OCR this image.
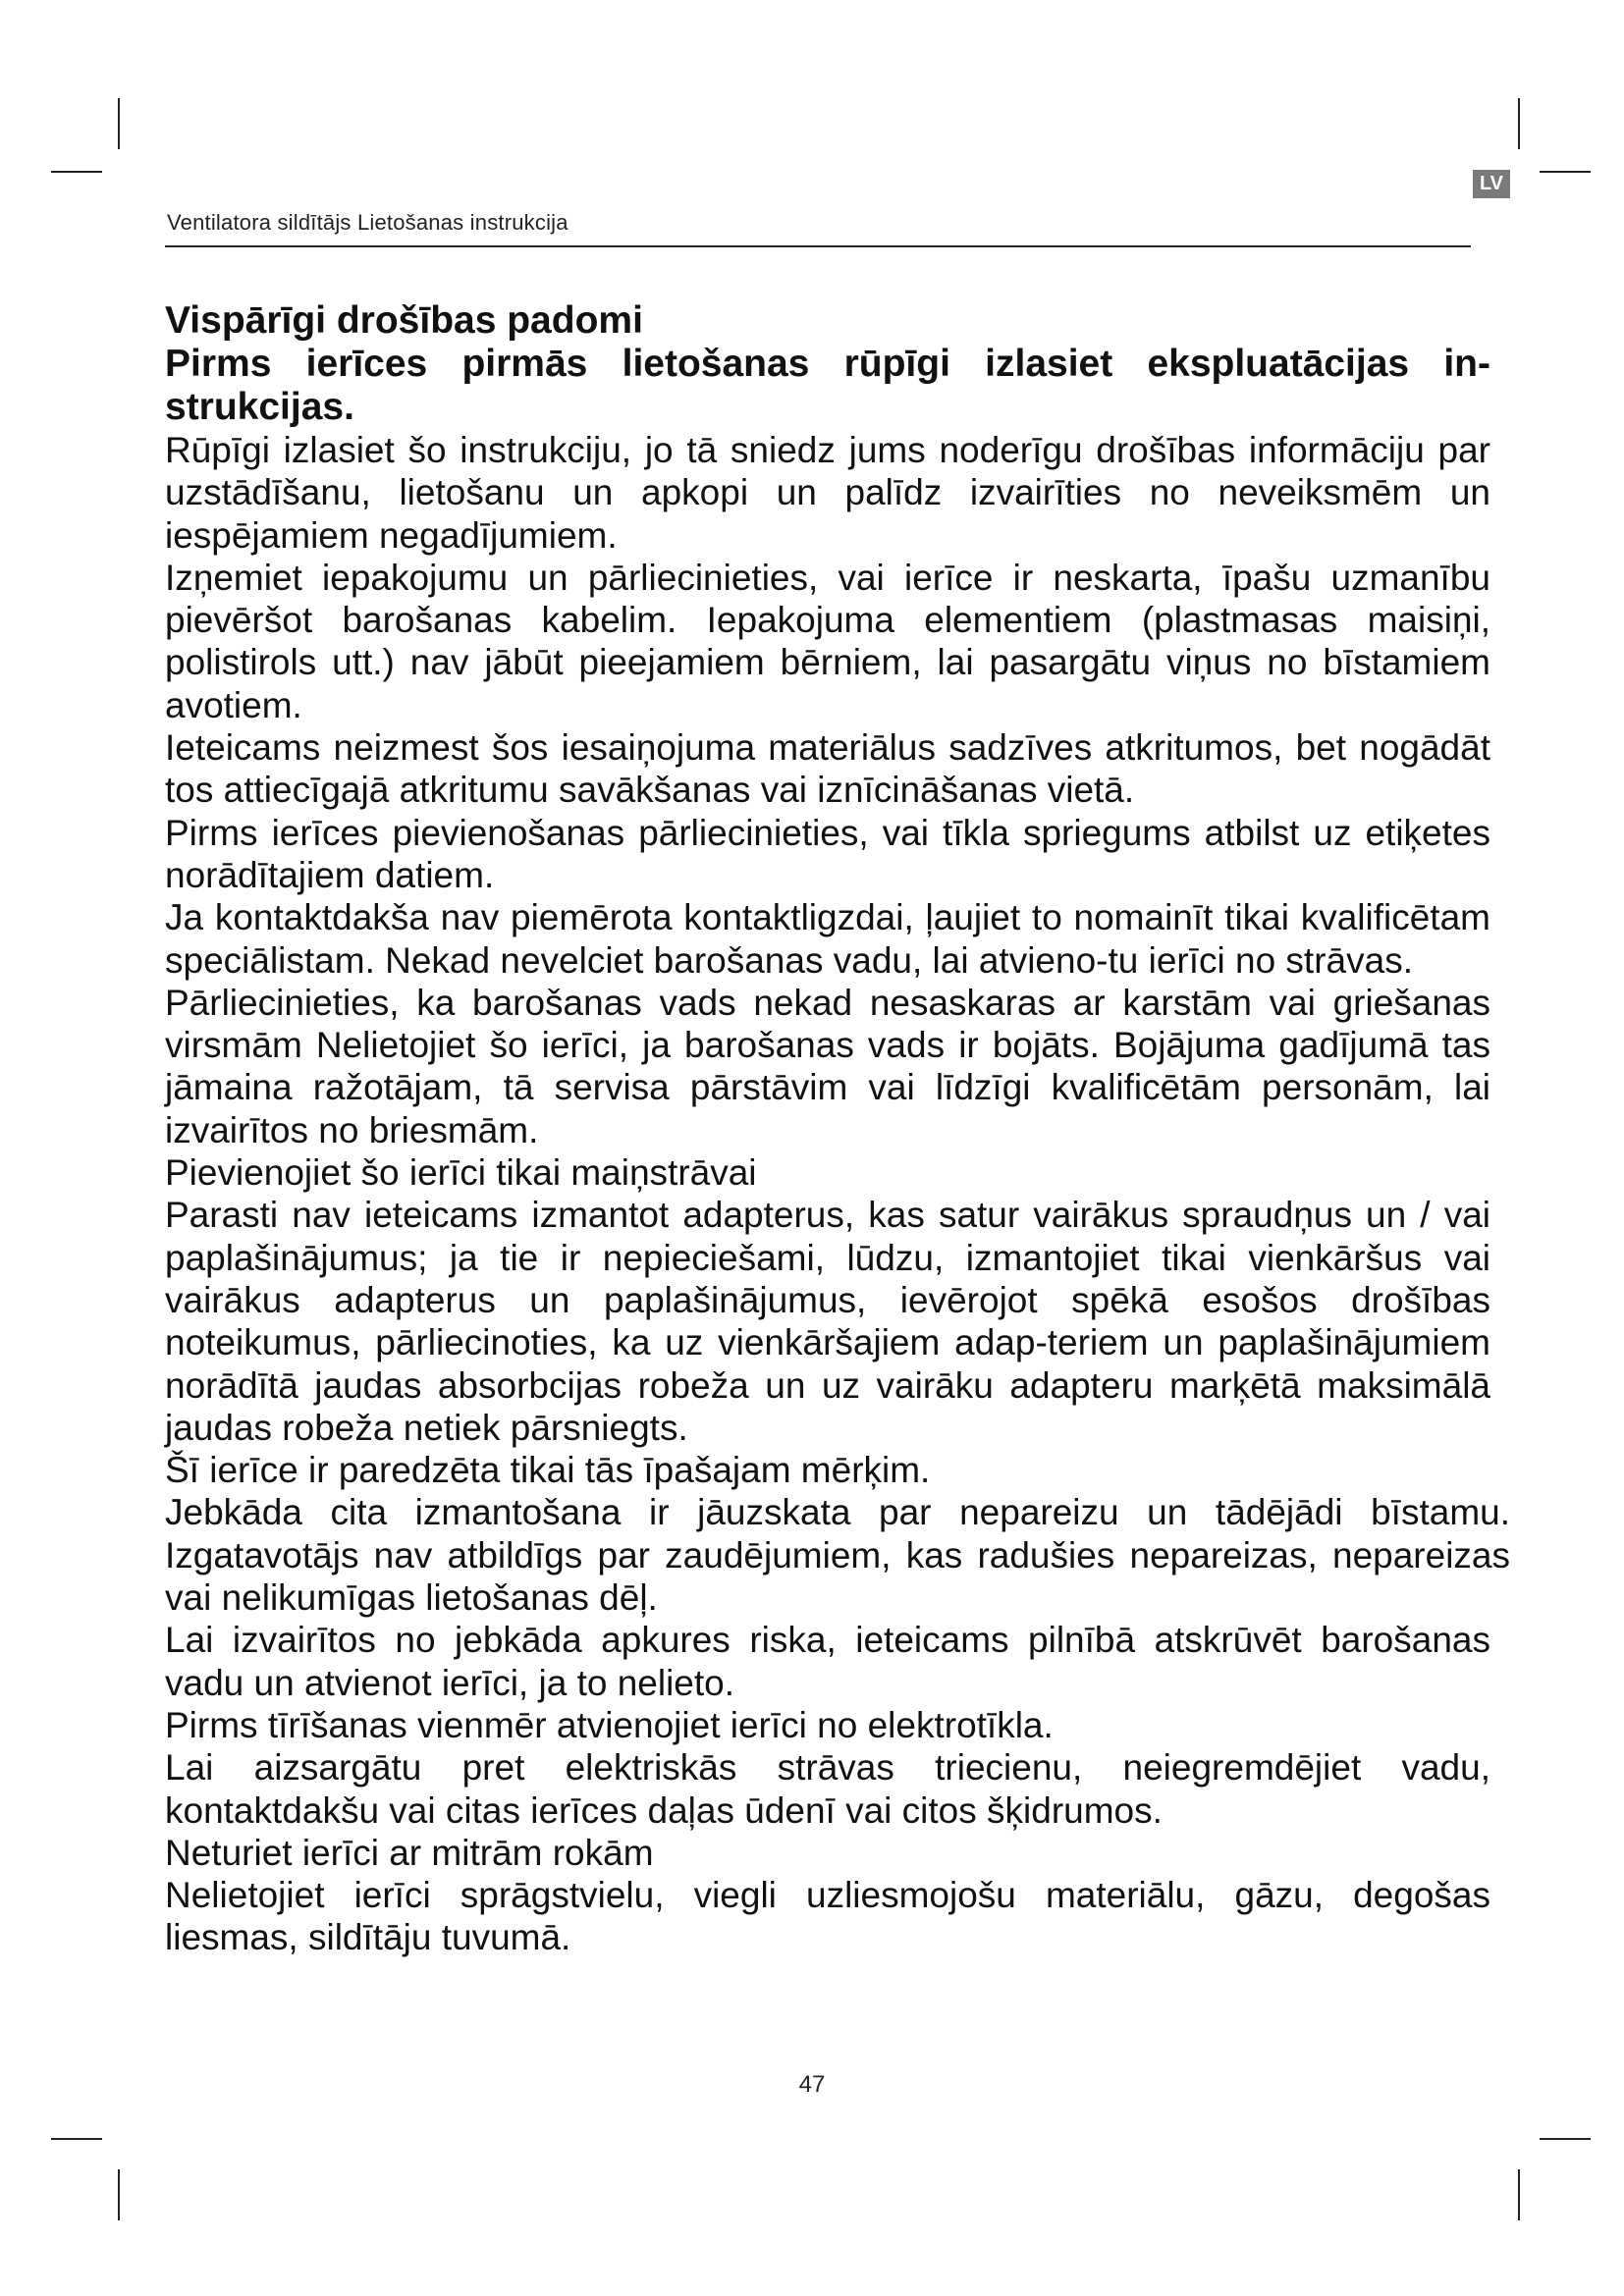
LV
Ventilatora sildītājs Lietošanas instrukcija

Vispārīgi drošības padomi

Pirms ierīces pirmās lietošanas rūpīgi izlasiet ekspluatācijas in-strukcijas.

Rūpīgi izlasiet šo instrukciju, jo tā sniedz jums noderīgu drošības informāciju par uzstādīšanu, lietošanu un apkopi un palīdz izvairīties no neveiksmēm un iespējamiem negadījumiem.

Izņemiet iepakojumu un pārliecinieties, vai ierīce ir neskarta, īpašu uzmanību pievēršot barošanas kabelim. Iepakojuma elementiem (plastmasas maisiņi, polistirols utt.) nav jābūt pieejamiem bērniem, lai pasargātu viņus no bīstamiem avotiem.

Ieteicams neizmest šos iesaiņojuma materiālus sadzīves atkritumos, bet nogādāt tos attiecīgajā atkritumu savākšanas vai iznīcināšanas vietā.

Pirms ierīces pievienošanas pārliecinieties, vai tīkla spriegums atbilst uz etiķetes norādītajiem datiem.

Ja kontaktdakša nav piemērota kontaktligzdai, ļaujiet to nomainīt tikai kvalificētam speciālistam. Nekad nevelciet barošanas vadu, lai atvieno-tu ierīci no strāvas.

Pārliecinieties, ka barošanas vads nekad nesaskaras ar karstām vai griešanas virsmām Nelietojiet šo ierīci, ja barošanas vads ir bojāts. Bojājuma gadījumā tas jāmaina ražotājam, tā servisa pārstāvim vai līdzīgi kvalificētām personām, lai izvairītos no briesmām.

Pievienojiet šo ierīci tikai maiņstrāvai

Parasti nav ieteicams izmantot adapterus, kas satur vairākus spraudņus un / vai paplašinājumus; ja tie ir nepieciešami, lūdzu, izmantojiet tikai vienkāršus vai vairākus adapterus un paplašinājumus, ievērojot spēkā esošos drošības noteikumus, pārliecinoties, ka uz vienkāršajiem adap-teriem un paplašinājumiem norādītā jaudas absorbcijas robeža un uz vairāku adapteru marķētā maksimālā jaudas robeža netiek pārsniegts.

Šī ierīce ir paredzēta tikai tās īpašajam mērķim.

Jebkāda cita izmantošana ir jāuzskata par nepareizu un tādējādi bīstamu. Izgatavotājs nav atbildīgs par zaudējumiem, kas radušies nepareizas, nepareizas vai nelikumīgas lietošanas dēļ.

Lai izvairītos no jebkāda apkures riska, ieteicams pilnībā atskrūvēt barošanas vadu un atvienot ierīci, ja to nelieto.

Pirms tīrīšanas vienmēr atvienojiet ierīci no elektrotīkla.

Lai aizsargātu pret elektriskās strāvas triecienu, neiegremdējiet vadu, kontaktdakšu vai citas ierīces daļas ūdenī vai citos šķidrumos.

Neturiet ierīci ar mitrām rokām

Nelietojiet ierīci sprāgstvielu, viegli uzliesmojošu materiālu, gāzu, degošas liesmas, sildītāju tuvumā.

47
